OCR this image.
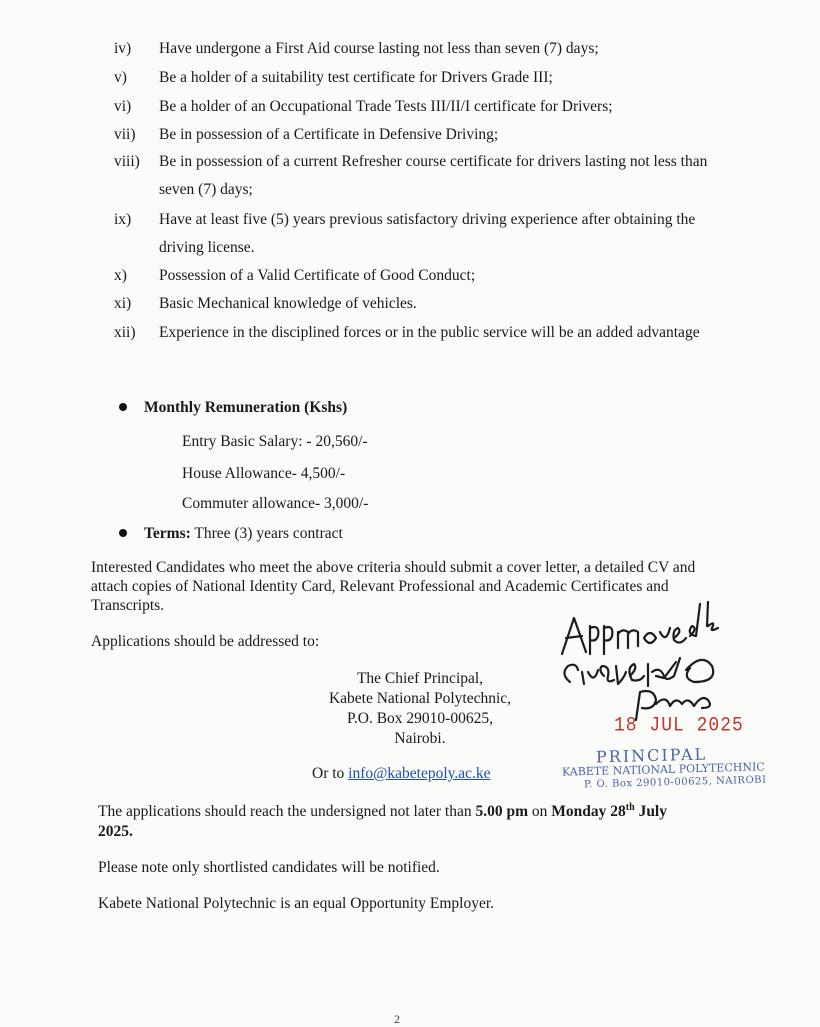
iv) Have undergone a First Aid course lasting not less than seven (7) days;
v) Be a holder of a suitability test certificate for Drivers Grade III;
vi) Be a holder of an Occupational Trade Tests III/II/I certificate for Drivers;
vii) Be in possession of a Certificate in Defensive Driving;
viii) Be in possession of a current Refresher course certificate for drivers lasting not less than seven (7) days;
ix) Have at least five (5) years previous satisfactory driving experience after obtaining the driving license.
x) Possession of a Valid Certificate of Good Conduct;
xi) Basic Mechanical knowledge of vehicles.
xii) Experience in the disciplined forces or in the public service will be an added advantage
Monthly Remuneration (Kshs)
Entry Basic Salary: - 20,560/-
House Allowance- 4,500/-
Commuter allowance- 3,000/-
Terms: Three (3) years contract
Interested Candidates who meet the above criteria should submit a cover letter, a detailed CV and attach copies of National Identity Card, Relevant Professional and Academic Certificates and Transcripts.
Applications should be addressed to:
The Chief Principal,
Kabete National Polytechnic,
P.O. Box 29010-00625,
Nairobi.
Or to info@kabetepoly.ac.ke
The applications should reach the undersigned not later than 5.00 pm on Monday 28th July
2025.
Please note only shortlisted candidates will be notified.
Kabete National Polytechnic is an equal Opportunity Employer.
18 JUL 2025
PRINCIPAL
KABETE NATIONAL POLYTECHNIC
P. O. Box 29010-00625, NAIROBI
2
